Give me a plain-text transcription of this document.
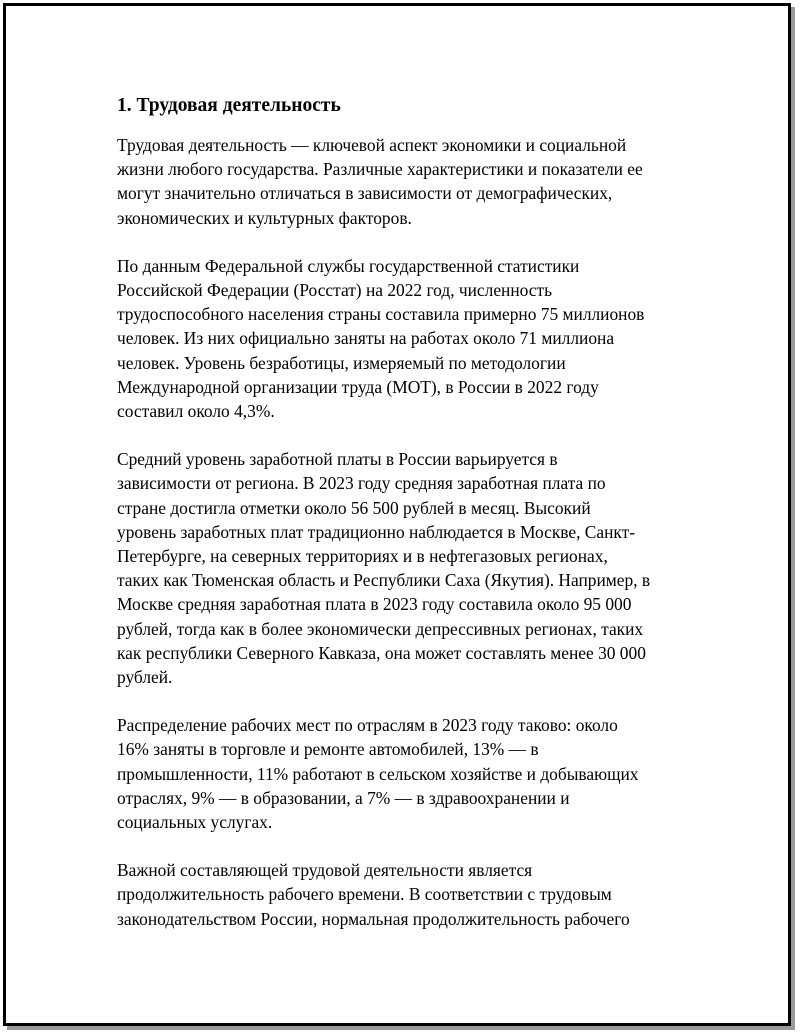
1. Трудовая деятельность

Трудовая деятельность — ключевой аспект экономики и социальной
жизни любого государства. Различные характеристики и показатели ее
могут значительно отличаться в зависимости от демографических,
экономических и культурных факторов.

По данным Федеральной службы государственной статистики
Российской Федерации (Росстат) на 2022 год, численность
трудоспособного населения страны составила примерно 75 миллионов
человек. Из них официально заняты на работах около 71 миллиона
человек. Уровень безработицы, измеряемый по методологии
Международной организации труда (МОТ), в России в 2022 году
составил около 4,3%.

Средний уровень заработной платы в России варьируется в
зависимости от региона. В 2023 году средняя заработная плата по
стране достигла отметки около 56 500 рублей в месяц. Высокий
уровень заработных плат традиционно наблюдается в Москве, Санкт-
Петербурге, на северных территориях и в нефтегазовых регионах,
таких как Тюменская область и Республики Саха (Якутия). Например, в
Москве средняя заработная плата в 2023 году составила около 95 000
рублей, тогда как в более экономически депрессивных регионах, таких
как республики Северного Кавказа, она может составлять менее 30 000
рублей.

Распределение рабочих мест по отраслям в 2023 году таково: около
16% заняты в торговле и ремонте автомобилей, 13% — в
промышленности, 11% работают в сельском хозяйстве и добывающих
отраслях, 9% — в образовании, а 7% — в здравоохранении и
социальных услугах.

Важной составляющей трудовой деятельности является
продолжительность рабочего времени. В соответствии с трудовым
законодательством России, нормальная продолжительность рабочего
